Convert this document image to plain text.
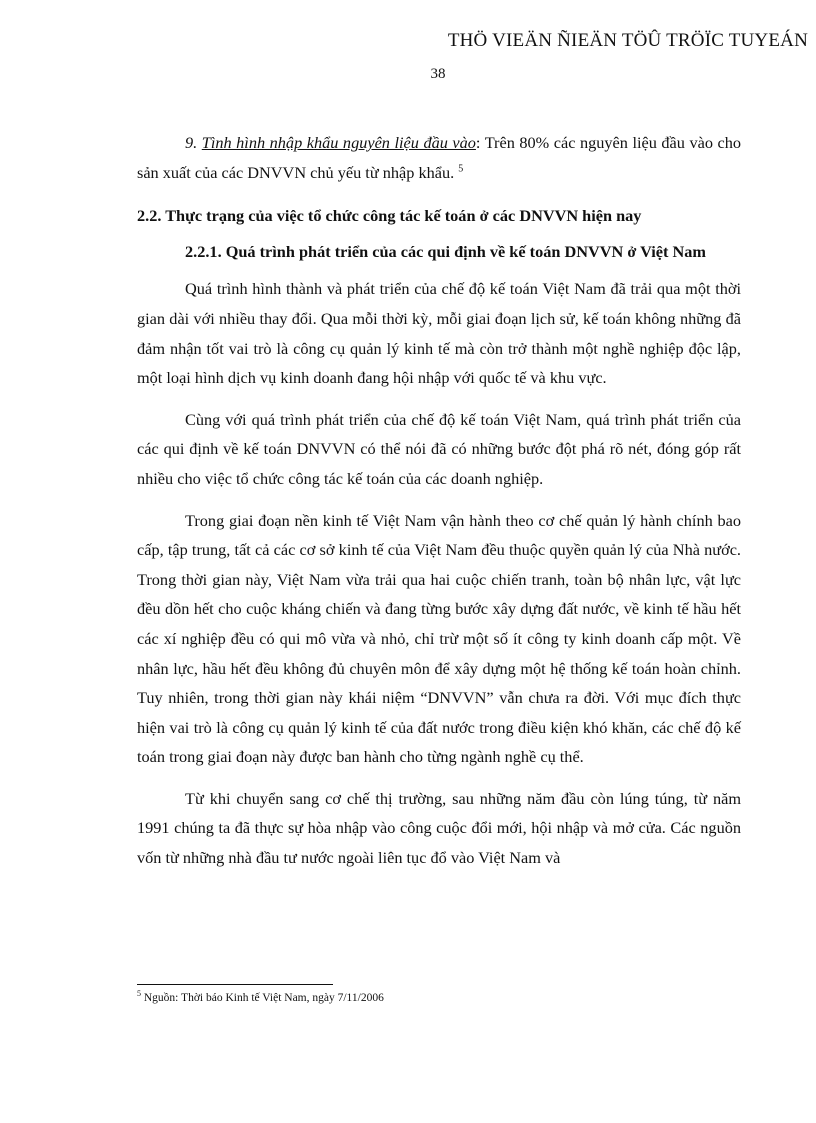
THÖ VIEÄN ÑIEÄN TÖÛ TRÖÏC TUYEÁN
38

9. Tình hình nhập khẩu nguyên liệu đầu vào: Trên 80% các nguyên liệu đầu vào cho sản xuất của các DNVVN chủ yếu từ nhập khẩu. $^5$

2.2. Thực trạng của việc tổ chức công tác kế toán ở các DNVVN hiện nay

2.2.1. Quá trình phát triển của các qui định về kế toán DNVVN ở Việt Nam

Quá trình hình thành và phát triển của chế độ kế toán Việt Nam đã trải qua một thời gian dài với nhiều thay đổi. Qua mỗi thời kỳ, mỗi giai đoạn lịch sử, kế toán không những đã đảm nhận tốt vai trò là công cụ quản lý kinh tế mà còn trở thành một nghề nghiệp độc lập, một loại hình dịch vụ kinh doanh đang hội nhập với quốc tế và khu vực.

Cùng với quá trình phát triển của chế độ kế toán Việt Nam, quá trình phát triển của các qui định về kế toán DNVVN có thể nói đã có những bước đột phá rõ nét, đóng góp rất nhiều cho việc tổ chức công tác kế toán của các doanh nghiệp.

Trong giai đoạn nền kinh tế Việt Nam vận hành theo cơ chế quản lý hành chính bao cấp, tập trung, tất cả các cơ sở kinh tế của Việt Nam đều thuộc quyền quản lý của Nhà nước. Trong thời gian này, Việt Nam vừa trải qua hai cuộc chiến tranh, toàn bộ nhân lực, vật lực đều dồn hết cho cuộc kháng chiến và đang từng bước xây dựng đất nước, về kinh tế hầu hết các xí nghiệp đều có qui mô vừa và nhỏ, chỉ trừ một số ít công ty kinh doanh cấp một. Về nhân lực, hầu hết đều không đủ chuyên môn để xây dựng một hệ thống kế toán hoàn chỉnh. Tuy nhiên, trong thời gian này khái niệm “DNVVN” vẫn chưa ra đời. Với mục đích thực hiện vai trò là công cụ quản lý kinh tế của đất nước trong điều kiện khó khăn, các chế độ kế toán trong giai đoạn này được ban hành cho từng ngành nghề cụ thể.

Từ khi chuyển sang cơ chế thị trường, sau những năm đầu còn lúng túng, từ năm 1991 chúng ta đã thực sự hòa nhập vào công cuộc đổi mới, hội nhập và mở cửa. Các nguồn vốn từ những nhà đầu tư nước ngoài liên tục đổ vào Việt Nam và

$^5$ Nguồn: Thời báo Kinh tế Việt Nam, ngày 7/11/2006
